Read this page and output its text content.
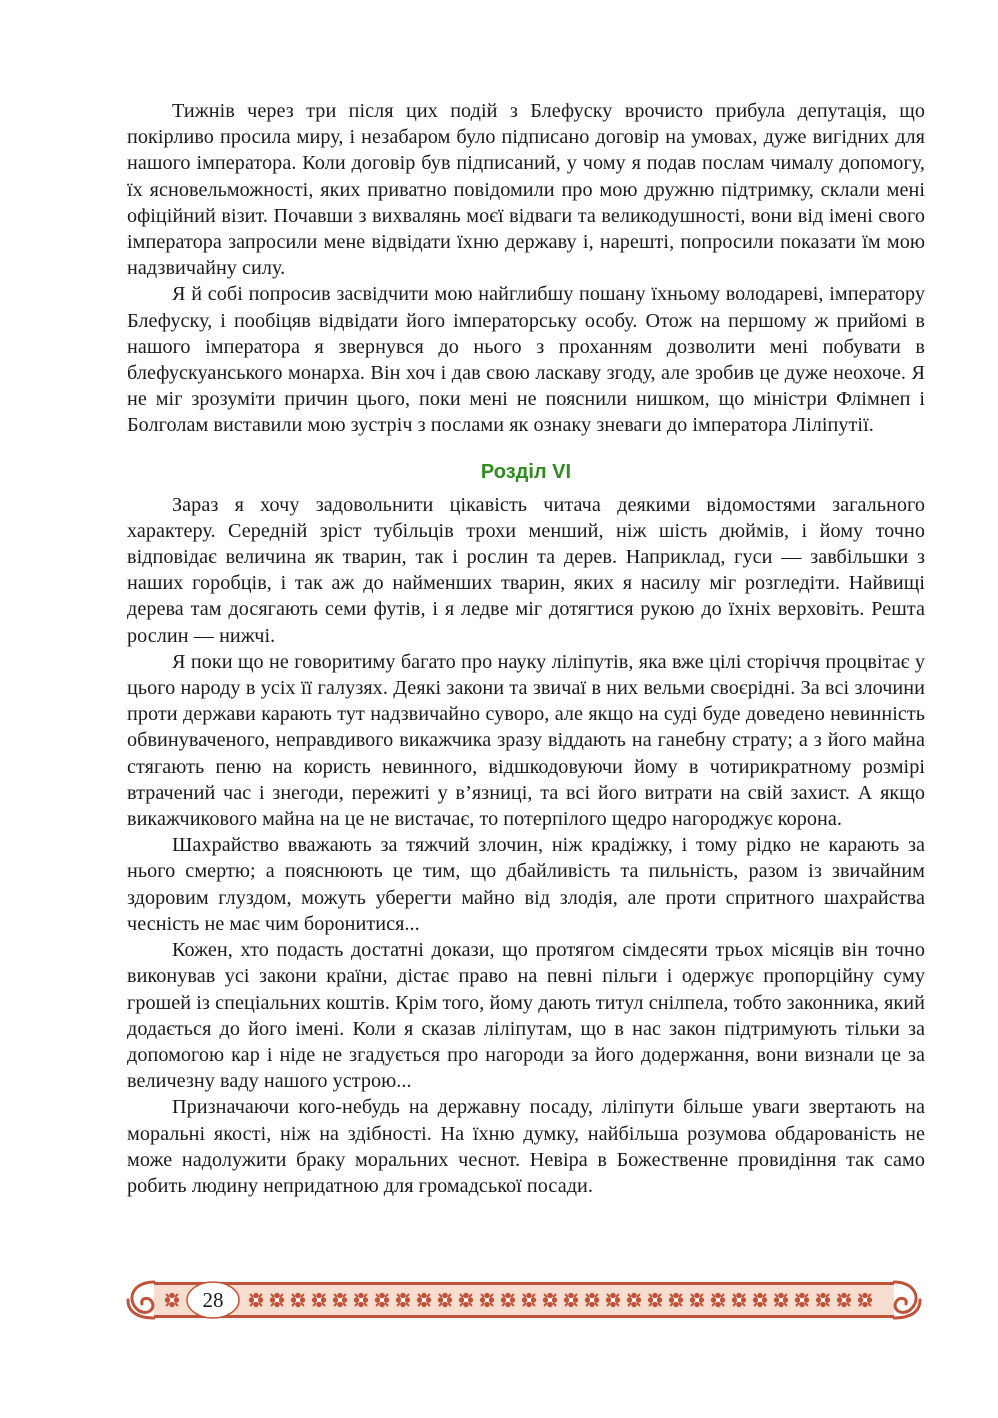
Тижнів через три після цих подій з Блефуску врочисто прибула депутація, що покірливо просила миру, і незабаром було підписано договір на умовах, дуже вигідних для нашого імператора. Коли договір був підписаний, у чому я подав послам чималу допомогу, їх ясновельможності, яких приватно повідомили про мою дружню підтримку, склали мені офіційний візит. Почавши з вихвалянь моєї відваги та великодушності, вони від імені свого імператора запросили мене відвідати їхню державу і, нарешті, попросили показати їм мою надзвичайну силу.

Я й собі попросив засвідчити мою найглибшу пошану їхньому володареві, імператору Блефуску, і пообіцяв відвідати його імператорську особу. Отож на першому ж прийомі в нашого імператора я звернувся до нього з проханням дозволити мені побувати в блефускуанського монарха. Він хоч і дав свою ласкаву згоду, але зробив це дуже неохоче. Я не міг зрозуміти причин цього, поки мені не пояснили нишком, що міністри Флімнеп і Болголам виставили мою зустріч з послами як ознаку зневаги до імператора Ліліпутії.

Розділ VI

Зараз я хочу задовольнити цікавість читача деякими відомостями загального характеру. Середній зріст тубільців трохи менший, ніж шість дюймів, і йому точно відповідає величина як тварин, так і рослин та дерев. Наприклад, гуси — завбільшки з наших горобців, і так аж до найменших тварин, яких я насилу міг розгледіти. Найвищі дерева там досягають семи футів, і я ледве міг дотягтися рукою до їхніх верховіть. Решта рослин — нижчі.

Я поки що не говоритиму багато про науку ліліпутів, яка вже цілі сторіччя процвітає у цього народу в усіх її галузях. Деякі закони та звичаї в них вельми своєрідні. За всі злочини проти держави карають тут надзвичайно суворо, але якщо на суді буде доведено невинність обвинуваченого, неправдивого викажчика зразу віддають на ганебну страту; а з його майна стягають пеню на користь невинного, відшкодовуючи йому в чотирикратному розмірі втрачений час і знегоди, пережиті у в’язниці, та всі його витрати на свій захист. А якщо викажчикового майна на це не вистачає, то потерпілого щедро нагороджує корона.

Шахрайство вважають за тяжчий злочин, ніж крадіжку, і тому рідко не карають за нього смертю; а пояснюють це тим, що дбайливість та пильність, разом із звичайним здоровим глуздом, можуть уберегти майно від злодія, але проти спритного шахрайства чесність не має чим боронитися...

Кожен, хто подасть достатні докази, що протягом сімдесяти трьох місяців він точно виконував усі закони країни, дістає право на певні пільги і одержує пропорційну суму грошей із спеціальних коштів. Крім того, йому дають титул снілпела, тобто законника, який додається до його імені. Коли я сказав ліліпутам, що в нас закон підтримують тільки за допомогою кар і ніде не згадується про нагороди за його додержання, вони визнали це за величезну ваду нашого устрою...

Призначаючи кого-небудь на державну посаду, ліліпути більше уваги звертають на моральні якості, ніж на здібності. На їхню думку, найбільша розумова обдарованість не може надолужити браку моральних чеснот. Невіра в Божественне провидіння так само робить людину непридатною для громадської посади.

28
